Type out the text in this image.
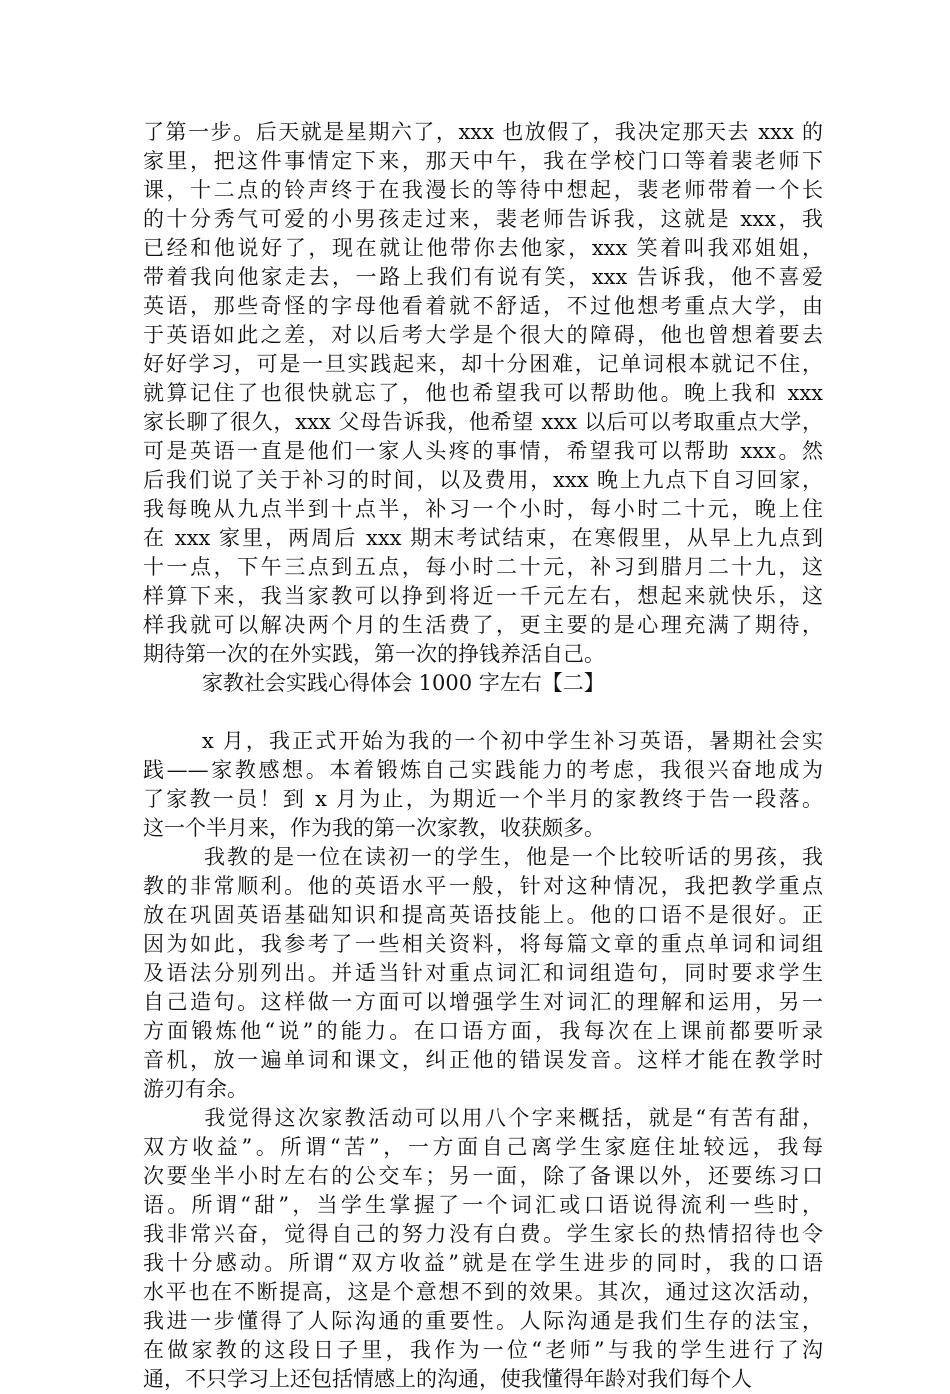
了第一步。后天就是星期六了，xxx 也放假了，我决定那天去 xxx 的
家里，把这件事情定下来，那天中午，我在学校门口等着裴老师下
课，十二点的铃声终于在我漫长的等待中想起，裴老师带着一个长
的十分秀气可爱的小男孩走过来，裴老师告诉我，这就是 xxx，我
已经和他说好了，现在就让他带你去他家，xxx 笑着叫我邓姐姐，
带着我向他家走去，一路上我们有说有笑，xxx 告诉我，他不喜爱
英语，那些奇怪的字母他看着就不舒适，不过他想考重点大学，由
于英语如此之差，对以后考大学是个很大的障碍，他也曾想着要去
好好学习，可是一旦实践起来，却十分困难，记单词根本就记不住，
就算记住了也很快就忘了，他也希望我可以帮助他。晚上我和 xxx
家长聊了很久，xxx 父母告诉我，他希望 xxx 以后可以考取重点大学，
可是英语一直是他们一家人头疼的事情，希望我可以帮助 xxx。然
后我们说了关于补习的时间，以及费用，xxx 晚上九点下自习回家，
我每晚从九点半到十点半，补习一个小时，每小时二十元，晚上住
在 xxx 家里，两周后 xxx 期末考试结束，在寒假里，从早上九点到
十一点，下午三点到五点，每小时二十元，补习到腊月二十九，这
样算下来，我当家教可以挣到将近一千元左右，想起来就快乐，这
样我就可以解决两个月的生活费了，更主要的是心理充满了期待，
期待第一次的在外实践，第一次的挣钱养活自己。
家教社会实践心得体会 1000 字左右【二】
x 月，我正式开始为我的一个初中学生补习英语，暑期社会实
践——家教感想。本着锻炼自己实践能力的考虑，我很兴奋地成为
了家教一员！到 x 月为止，为期近一个半月的家教终于告一段落。
这一个半月来，作为我的第一次家教，收获颇多。
我教的是一位在读初一的学生，他是一个比较听话的男孩，我
教的非常顺利。他的英语水平一般，针对这种情况，我把教学重点
放在巩固英语基础知识和提高英语技能上。他的口语不是很好。正
因为如此，我参考了一些相关资料，将每篇文章的重点单词和词组
及语法分别列出。并适当针对重点词汇和词组造句，同时要求学生
自己造句。这样做一方面可以增强学生对词汇的理解和运用，另一
方面锻炼他“说”的能力。在口语方面，我每次在上课前都要听录
音机，放一遍单词和课文，纠正他的错误发音。这样才能在教学时
游刃有余。
我觉得这次家教活动可以用八个字来概括，就是“有苦有甜，
双方收益”。所谓“苦”，一方面自己离学生家庭住址较远，我每
次要坐半小时左右的公交车；另一面，除了备课以外，还要练习口
语。所谓“甜”，当学生掌握了一个词汇或口语说得流利一些时，
我非常兴奋，觉得自己的努力没有白费。学生家长的热情招待也令
我十分感动。所谓“双方收益”就是在学生进步的同时，我的口语
水平也在不断提高，这是个意想不到的效果。其次，通过这次活动，
我进一步懂得了人际沟通的重要性。人际沟通是我们生存的法宝，
在做家教的这段日子里，我作为一位“老师”与我的学生进行了沟
通，不只学习上还包括情感上的沟通，使我懂得年龄对我们每个人
